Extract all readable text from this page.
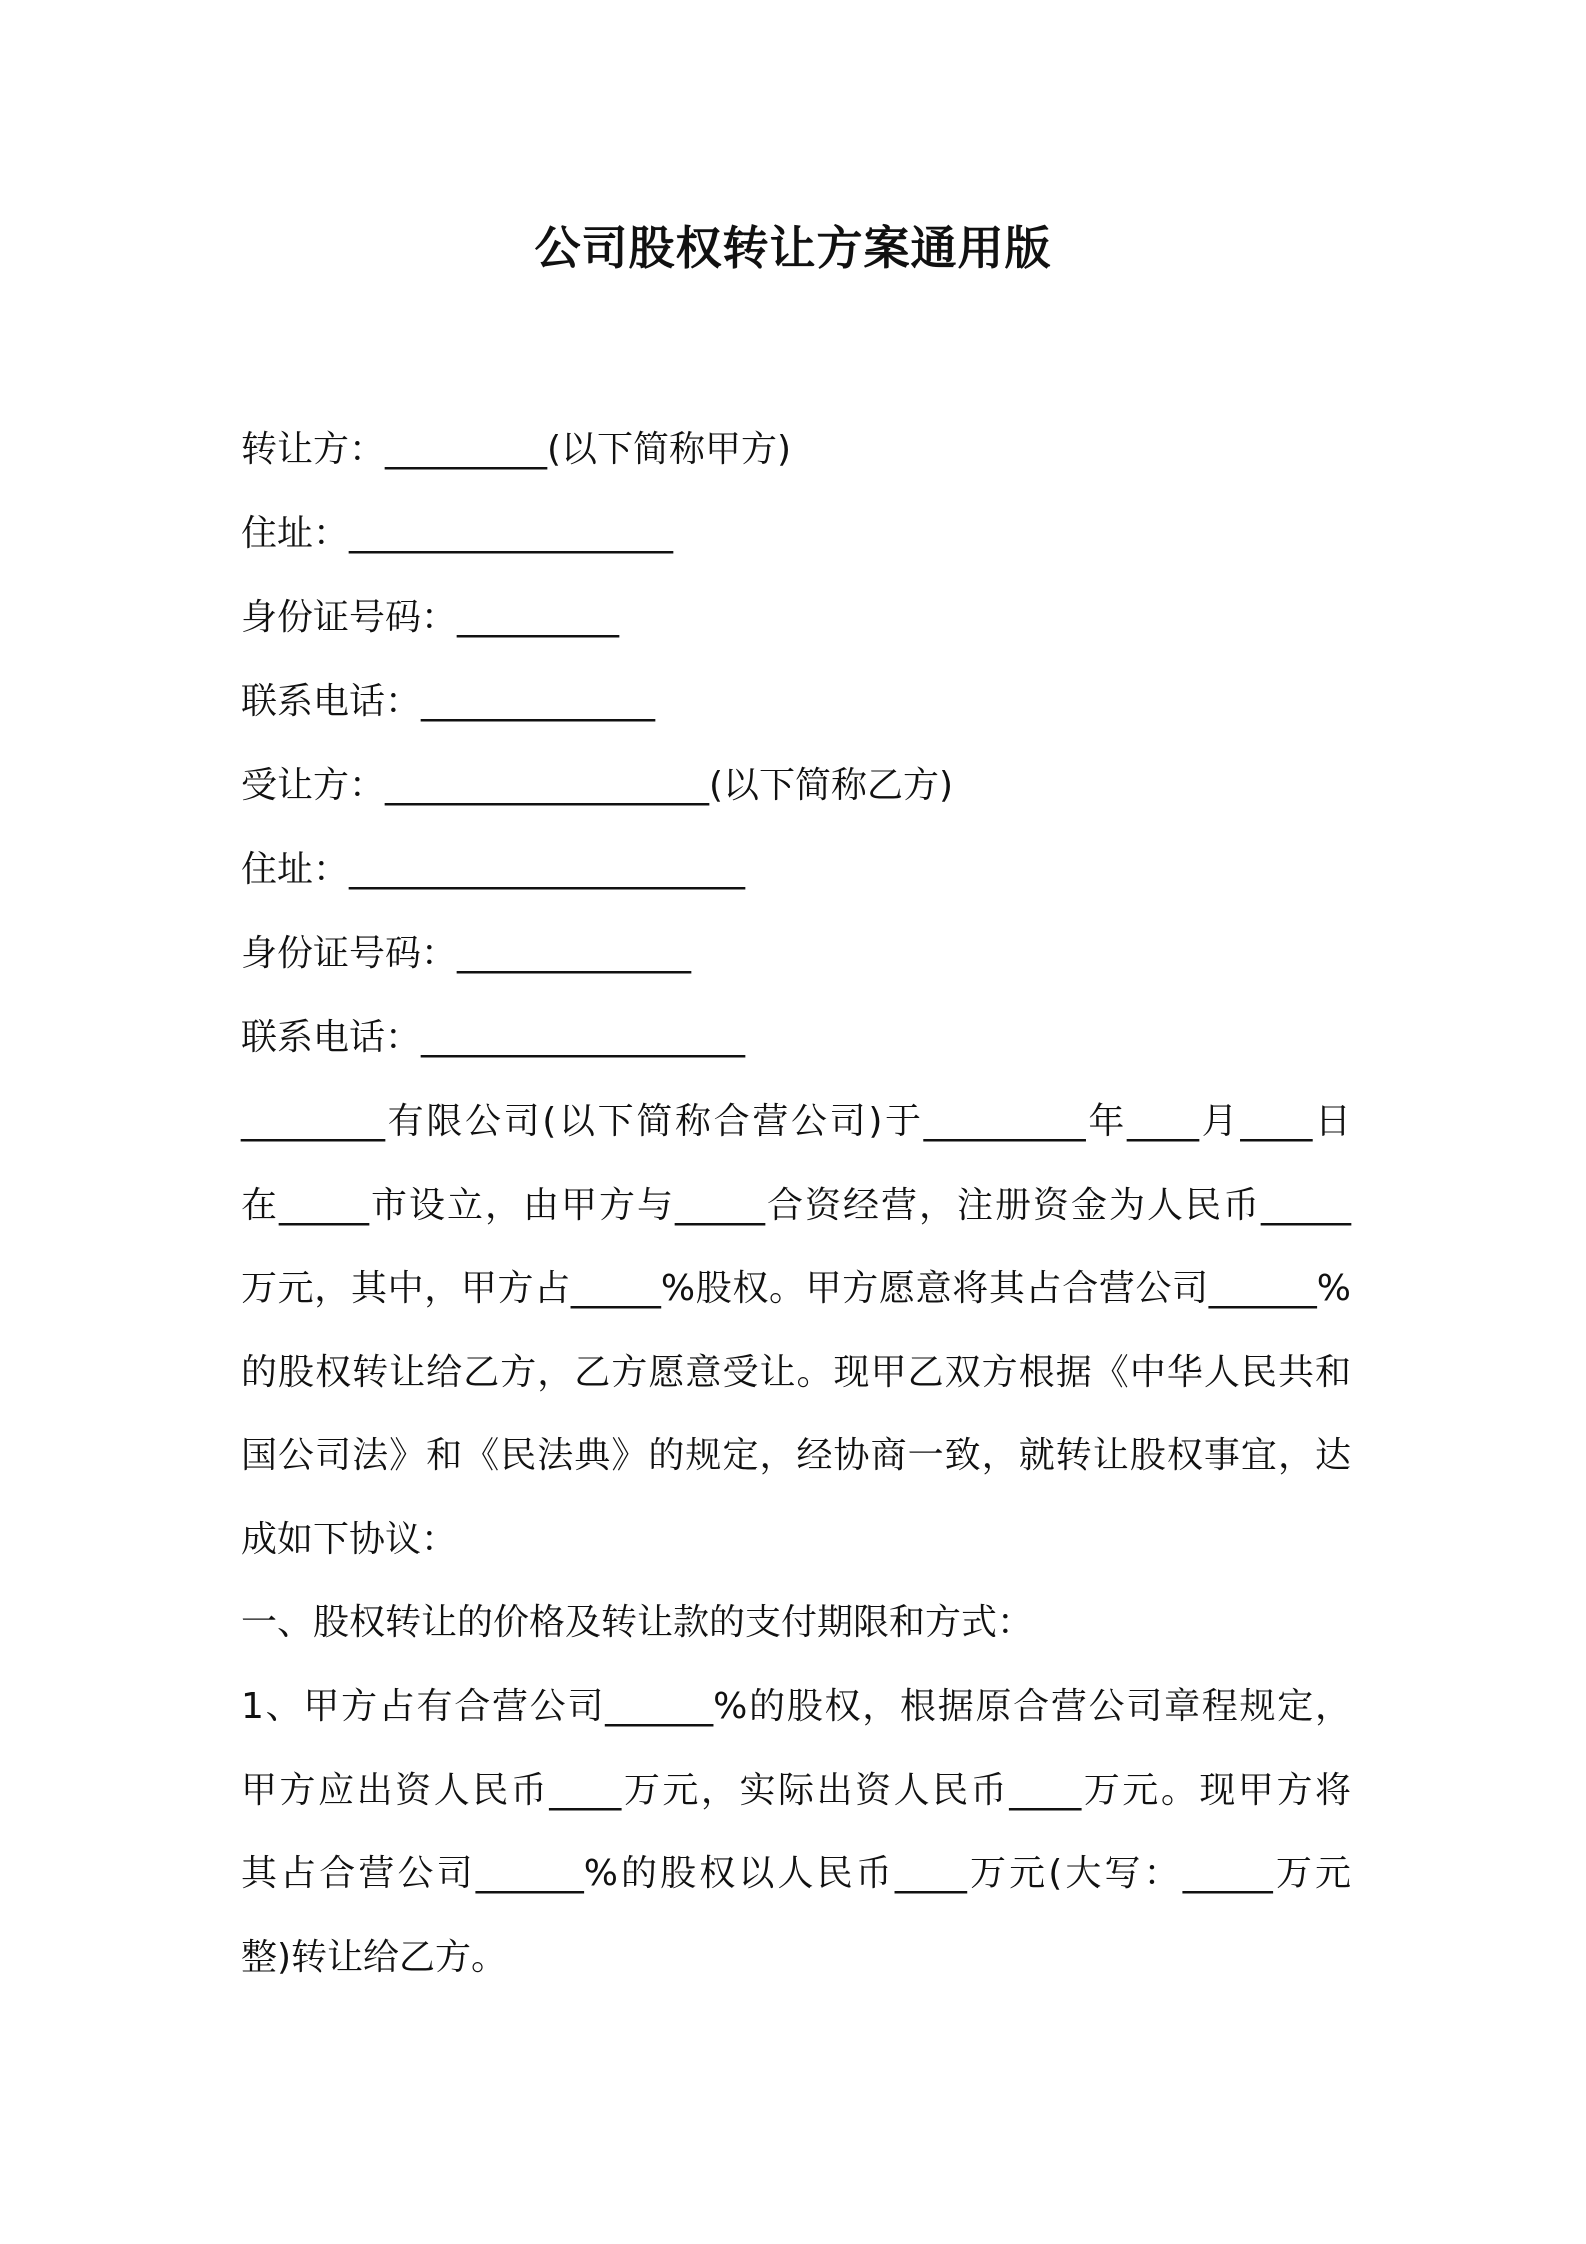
公司股权转让方案通用版

转让方：_________(以下简称甲方)

住址：__________________

身份证号码：_________

联系电话：_____________

受让方：__________________(以下简称乙方)

住址：______________________

身份证号码：_____________

联系电话：__________________

________有限公司(以下简称合营公司)于_________年____月____日
在_____市设立，由甲方与_____合资经营，注册资金为人民币_____
万元，其中，甲方占_____%股权。甲方愿意将其占合营公司______%
的股权转让给乙方，乙方愿意受让。现甲乙双方根据《中华人民共和
国公司法》和《民法典》的规定，经协商一致，就转让股权事宜，达
成如下协议：

一、股权转让的价格及转让款的支付期限和方式：

1、甲方占有合营公司______%的股权，根据原合营公司章程规定，
甲方应出资人民币____万元，实际出资人民币____万元。现甲方将
其占合营公司______%的股权以人民币____万元(大写：_____万元
整)转让给乙方。
